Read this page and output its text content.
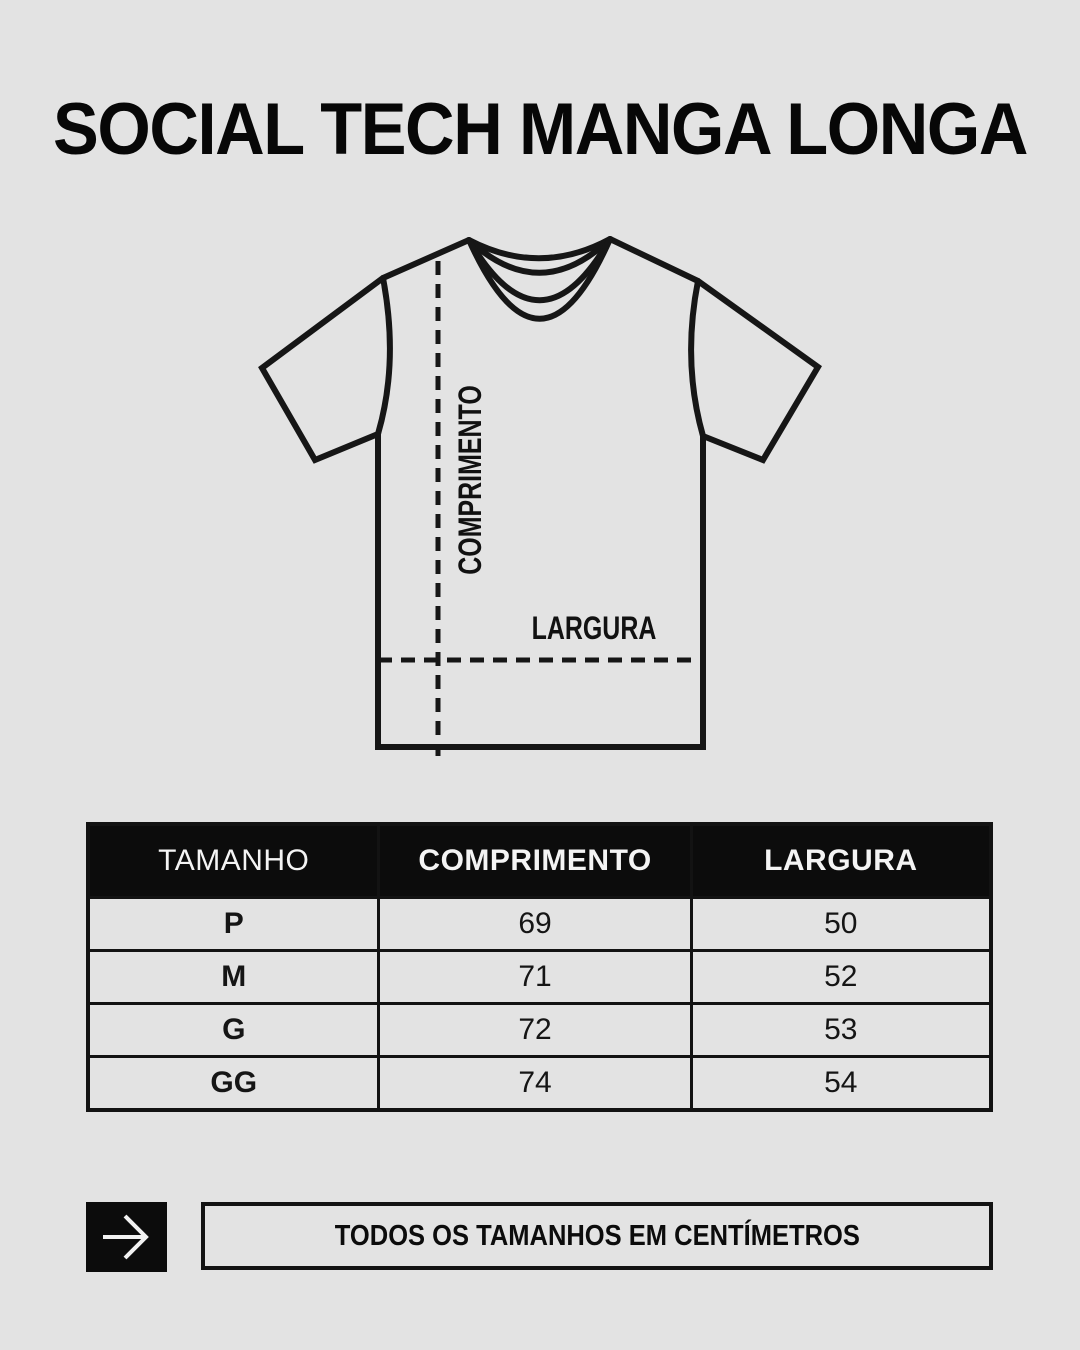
SOCIAL TECH MANGA LONGA
COMPRIMENTO
LARGURA
TAMANHO	COMPRIMENTO	LARGURA
P	69	50
M	71	52
G	72	53
GG	74	54
TODOS OS TAMANHOS EM CENTÍMETROS
